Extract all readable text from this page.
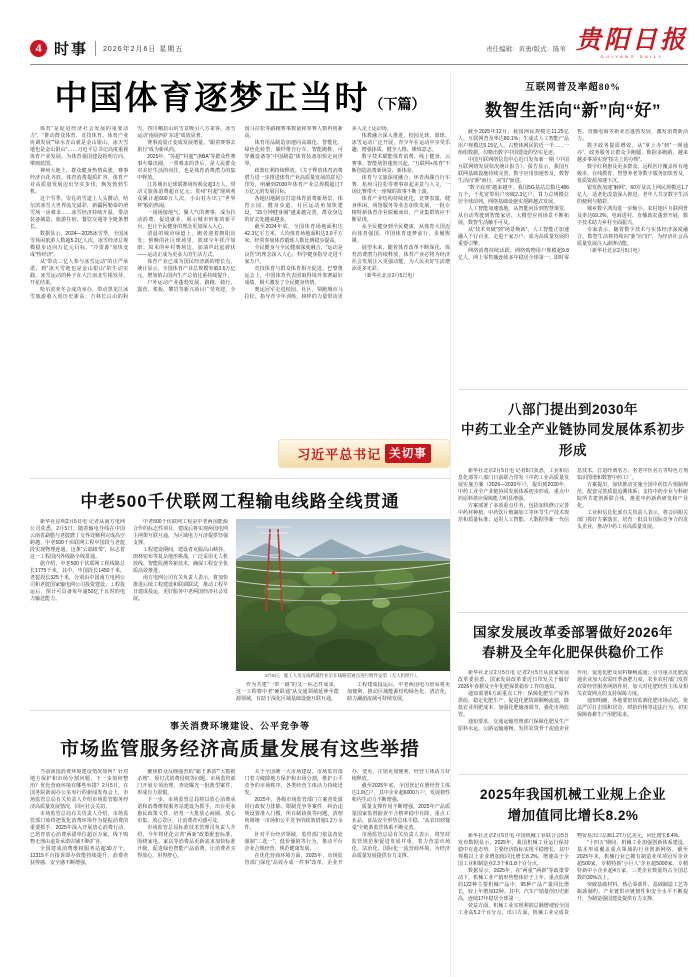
4 时事 2026年2月6日 星期五	责任编辑：黄勇/版式：陈苇 贵阳日报
GUIYANG DAILY
中国体育逐梦正当时（下篇）

体育“是促进经济社会发展的重要动力”，“推动群众体育、竞技体育、体育产业协调发展”“绿水青山就是金山银山、冰天雪地也是金山银山”……习近平总书记高度重视体育产业发展，为体育强国建设指明方向、擘画蓝图。

神州大地上，群众健身热情高涨，赛事经济百花齐放，体育消费提质扩容，体育产业高质量发展迈出坚实步伐，焕发勃勃生机。

这个雪季，崇礼的雪道上人头攒动，哈尔滨冰雪大世界流光溢彩，新疆阿勒泰的滑雪场一房难求……冰雪经济持续升温，带动装备制造、旅游住宿、餐饮交通等全链条增长。

数据显示，2024—2025冰雪季，全国冰雪休闲旅游人数超5.2亿人次，冰雪经济总规模稳步迈向万亿元目标，“冷资源”加快变成“热经济”。

从“带动三亿人参与冰雪运动”的庄严承诺，到“冰天雪地也是金山银山”的生动实践，冰雪运动的种子在大江南北生根发芽、开花结果。

哈尔滨亚冬会成功举办，带动黑龙江冰雪旅游收入创历史新高；吉林长白山的粉雪、四川峨眉山的雪景吸引八方来客，冰雪运动“南展西扩东进”成效显著。

赛事流量正变成发展增量，“跟着赛事去旅行”成为新风尚。

2025年，“苏超”“村超”“浙BA”等群众性赛事火爆出圈，一票难求的背后，是人民群众对美好生活的向往，也是体育消费潜力的集中释放。

江苏城市足球联赛场均观众超3万人，带动文旅体消费超百亿元；贵州“村超”现场观众累计超600万人次，小山村办出了“世界杯”般的热闹。

一场场接地气、聚人气的赛事，成为拉动消费、促进就业、展示城市形象的新平台，也让全民健身的理念更加深入人心。

清晨的城市绿道上，跑者迎着朝阳出发；傍晚的社区球场里，篮球少年挥汗如雨；周末的乡村赛场边，加油声此起彼伏——运动正成为更多人的生活方式。

体育产业已成为国民经济新的增长点。统计显示，全国体育产业总规模突破3.6万亿元，增加值占国内生产总值比重持续提升。

户外运动产业蓬勃发展，路跑、骑行、露营、桨板、攀岩等新兴项目广受欢迎，全国马拉松等路跑赛事数量和参赛人数再创新高。

体育用品制造加速向高端化、智能化、绿色化转型，碳纤维自行车、智能跑鞋、可穿戴设备等“中国制造”体育装备加快走向世界。

政策红利持续释放。《关于释放体育消费潜力进一步推进体育产业高质量发展的意见》印发，明确到2030年体育产业总规模超过7万亿元的发展目标。

各地因地制宜打造体育消费新场景，体育公园、健身步道、社区运动角加快建设，“15分钟健身圈”越来越完善，群众身边的好去处越来越多。

截至2024年底，全国体育场地面积达42.3亿平方米，人均体育场地面积达3.0平方米，经常参加体育锻炼人数比例稳步提高。

全民健身与全民健康深度融合，“运动是良医”的理念深入人心，科学健身指导走进千家万户。

竞技体育与群众体育相互促进。巴黎奥运会上，中国体育代表团取得境外参赛最好成绩，极大激发了全民健身热情。

奥运冠军走进校园、社区，领跑城市马拉松、指导青少年训练，榜样的力量带动更多人走上运动场。

体教融合深入推进，校园足球、篮球、冰雪运动广泛开展，青少年在运动中享受乐趣、增强体质、健全人格、锤炼意志。

数字技术赋能体育消费，线上健身、云赛事、智能场馆蓬勃兴起，“互联网+体育”不断创造消费新场景、新体验。

体育与文旅深度融合，环青海湖自行车赛、杭州马拉松等赛事串起美景与人文，一场比赛带火一座城的故事不断上演。

体育产业结构持续优化，竞赛表演、健身休闲、场馆服务等业态加快发展，一批专精特新体育企业脱颖而出，产业集群效应不断显现。

从全民健身到全民健康，从体育大国迈向体育强国，中国体育逐梦前行、步履铿锵。

展望未来，随着体育改革不断深化、体育消费潜力持续释放，体育产业必将为经济社会发展注入更强动能，为人民美好生活增添更多光彩。

（新华社北京2月5日电）

习近平总书记 关切事
中老500千伏联网工程输电线路全线贯通

新华社昆明2月5日电 记者从南方电网公司获悉，2月5日，随着输电导线在中国云南省勐腊与老挝磨丁交界处顺利完成高空跨越，中老500千伏联网工程中国段与老挝段实现物理连通。这条“云端纽带”，标志着这一工程国内外线路全线贯通。

据介绍，中老500千伏联网工程线路总长1775千米，其中，中国段长1450千米，老挝段长325千米，分别由中国南方电网公司和老挝国家输电网公司投资建设。工程投运后，预计可具备每年逾50亿千瓦时的电力输送能力。

中老500千伏联网工程是中老两国能源合作的标志性项目，建成后将实现两国电网主网架互联互通，为区域电力互济提供坚强支撑。

工程建设期间，建设者克服高山峡谷、雨林密布等复杂地形挑战，广泛采用无人机放线、智能监测等新技术，确保工程安全优质高效推进。

南方电网公司有关负责人表示，将加快推进后续工程建设和联调联试，推动工程早日建成投运，更好服务中老两国经济社会发展。

2月5日，施工人员完成跨越作业后在线路贯通点进行附件安装（无人机照片）。

作为共建“一带一路”的又一标志性成果，这一工程将中老“硬联通”从交通领域延伸至能源领域，有助于深化区域基础设施互联互通。

工程建成投运后，中老两国电力贸易将更加便利，推动区域能源结构绿色化、清洁化，助力澜湄流域可持续发展。

事关消费环境建设、公平竞争等
市场监管服务经济高质量发展有这些举措

当前我国消费环境建设情况如何？针对地方保护和市场分割问题，下一步如何整治？优化营商环境有哪些举措？2月5日，在国务院新闻办公室举行的新闻发布会上，市场监管总局有关负责人介绍市场监管服务经济高质量发展情况，回应社会关切。

市场监管总局有关负责人介绍，市场监管部门始终把优化消费环境作为提振消费的重要抓手，2025年深入开展放心消费行动，已培育放心消费承诺单位超百万家，线下购物无理由退货承诺店铺不断扩容。

全国建成消费维权服务站超30万个，12315平台接诉即办效能持续提升，消费者获得感、安全感不断增强。

聚焦群众反映强烈的“霸王条款”“大数据杀熟”、预付式消费侵权等问题，市场监管部门开展专项治理，查处曝光一批典型案件，形成有力震慑。

下一步，市场监管总局将以放心消费承诺和消费维权服务站建设为抓手，出台更多惠民政策文件，培育一大批放心商圈、放心市集、放心景区，让消费者可感可及。

市场监管总局标准技术管理司负责人介绍，今年将优化完善“两新”政策配套标准，围绕家电、家具等消费品更新需求加快标准升级，促进绿色智能产品消费，让消费者买得放心、用得舒心。

关于全国统一大市场建设，市场监管部门着力破除地方保护和市场分割，维护公平竞争的市场秩序，各类经营主体活力持续迸发。

2025年，各级市场监管部门立案查处滥用行政权力排除、限制竞争等案件，纠治违规设置准入门槛、所有制歧视等问题，清理妨碍统一市场和公平竞争的政策措施1.2万余件。

针对平台经济领域，监管部门依法查处强制“二选一”、低价倾销等行为，推动平台企业合规经营、规范健康发展。

在优化营商环境方面，2025年，市场监管部门深化“高效办成一件事”改革，企业开办、变更、注销更加便利，经营主体活力持续释放。

截至2025年底，全国登记在册经营主体达1.9亿户，其中企业超6000万户，发展韧性和内生动力不断增强。

质量支撑作用不断增强。2025年产品质量国家监督抽查不合格率稳中有降，重点工业品、食品安全形势总体平稳，“从农田到餐桌”全链条监管体系不断完善。

市场监管总局有关负责人表示，将坚持监管规范和促进发展并重，着力营造市场化、法治化、国际化一流营商环境，为经济高质量发展提供有力支撑。

互联网普及率超80%
数智生活向“新”向“好”

截至2025年12月，我国网民规模达11.25亿人，互联网普及率达80.1%；生成式人工智能产品用户规模达5.15亿人，占整体网民的近一半……一组组数据，勾勒出数字中国建设的坚实足迹。

中国互联网络信息中心近日发布新一期《中国互联网络发展状况统计报告》。报告显示，我国互联网基础设施持续完善，数字应用加速普及，数智生活向“新”而行、向“好”而进。

“数字底座”越来越牢。我国5G基站总数达486万个，千兆宽带用户突破2.3亿户，算力总规模位居全球前列，网络基础设施实现跨越式发展。

人工智能加速落地。从智能问诊到智慧课堂，从自动驾驶到智能家居，大模型应用场景不断拓展，数智生活触手可及。

从“技术突破”到“场景焕新”，人工智能正加速融入千行百业、走进千家万户，成为高质量发展的重要引擎。

网络消费持续活跃。网络购物用户规模超9.8亿人，网上零售额连续多年稳居全球第一；即时零售、直播电商等新业态蓬勃发展，激发消费新活力。

数字政务提质增效。从“掌上办”到“一网通办”，政务服务让群众少跑腿、数据多跑路，越来越多事项实现“指尖上的办理”。

数字红利惠及更多群众。远程医疗覆盖所有地级市，在线教育、智慧养老等数字服务加快普及，优质资源加速下沉。

银发族加速“触网”。60岁及以上网民规模达1.7亿人，适老化改造深入推进，老年人共享数字生活的便利与精彩。

城乡数字鸿沟进一步缩小。农村地区互联网普及率达69.2%，电商进村、直播助农蓬勃开展，数字技术助力乡村全面振兴。

专家表示，随着数字技术与实体经济深度融合，数智生活将持续向“新”向“好”，为经济社会高质量发展注入澎湃动能。

（新华社北京2月5日电）

八部门提出到2030年
中药工业全产业链协同发展体系初步形成

新华社北京2月5日电 记者5日获悉，工业和信息化部等八部门日前联合印发《中药工业高质量发展实施方案（2026—2030年）》，提出到2030年，中药工业全产业链协同发展体系初步形成，重点中药原料供应保障能力明显增强。

方案部署了多项重点任务，包括加快修订完善中药材种植、中药饮片炮制加工等环节生产技术规范和质量标准；运用人工智能、大数据等新一代信息技术，打造经典名方、名老中医名方等特色方剂知识图谱和数智中药工厂。

方案提出，加快推动实施全国中药饮片炮制规范，配套完善质量追溯体系；支持中药企业与科研院所共建创新联合体，推进中药新药研发和产业化。

工业和信息化部有关负责人表示，将会同相关部门抓好方案落实，培育一批具有国际竞争力的龙头企业，推动中药工业高质量发展。

国家发展改革委部署做好2026年
春耕及全年化肥保供稳价工作

新华社北京2月5日电 记者2月5日从国家发展改革委获悉，国家发展改革委近日印发关于做好2026年春耕及全年化肥保供稳价工作的通知。

通知部署6方面重点工作：保障化肥生产原料供给，稳定化肥生产，促进化肥资源顺畅流通，降低农业用肥成本，加强化肥储备调节，强化市场监管。

通知要求，交通运输管理部门保障化肥及生产原料水运、公路运输通畅，发挥农资骨干流通企业作用，促进化肥及原料顺畅流通；引导重点化肥流通企业加大农需旺季备肥力度，农业农村部门发挥农资经营服务网络作用，加大对化肥经营主体及相关农资网点的支持保障力度。

通知明确，各地要密切监测化肥市场动态，依法严厉打击囤积居奇、哄抬价格等违法行为，切实保障春耕生产用肥需求。

2025年我国机械工业规上企业
增加值同比增长8.2%

新华社北京2月5日电 中国机械工业联合会5日发布数据显示，2025年，我国机械工业运行保持稳中有进态势，主要经济指标实现平稳增长，其中规模以上企业增加值同比增长8.2%，增速高于全国工业和制造业2.3个和1.8个百分点。

数据显示，2025年，在“两重”“两新”等政策带动下，机械工业产销形势整体好于上年。重点监测的122种主要机械产品中，95种产品产量同比增长，较上年增加12种。其中，汽车产销量创历史新高，连续17年稳居全球第一。

效益方面，机械工业实现利润总额增速较全国工业高5.2个百分点。出口方面，机械工业完成货物贸易出口总额1.27万亿美元，同比增长8.4%。

“十四五”期间，机械工业加强创新体系建设，基本形成覆盖重点领域的行业创新网络。截至2025年末，机械行业已拥有制造业单项冠军企业超500家，专精特新“小巨人”企业超5000家，专精特新中小企业超4万家，三类企业数量均占全国总数的30%以上。

突破基础材料、核心零部件、基础制造工艺等瓶颈制约，产业链供应链韧性和安全水平不断提升，为制造强国建设提供有力支撑。
